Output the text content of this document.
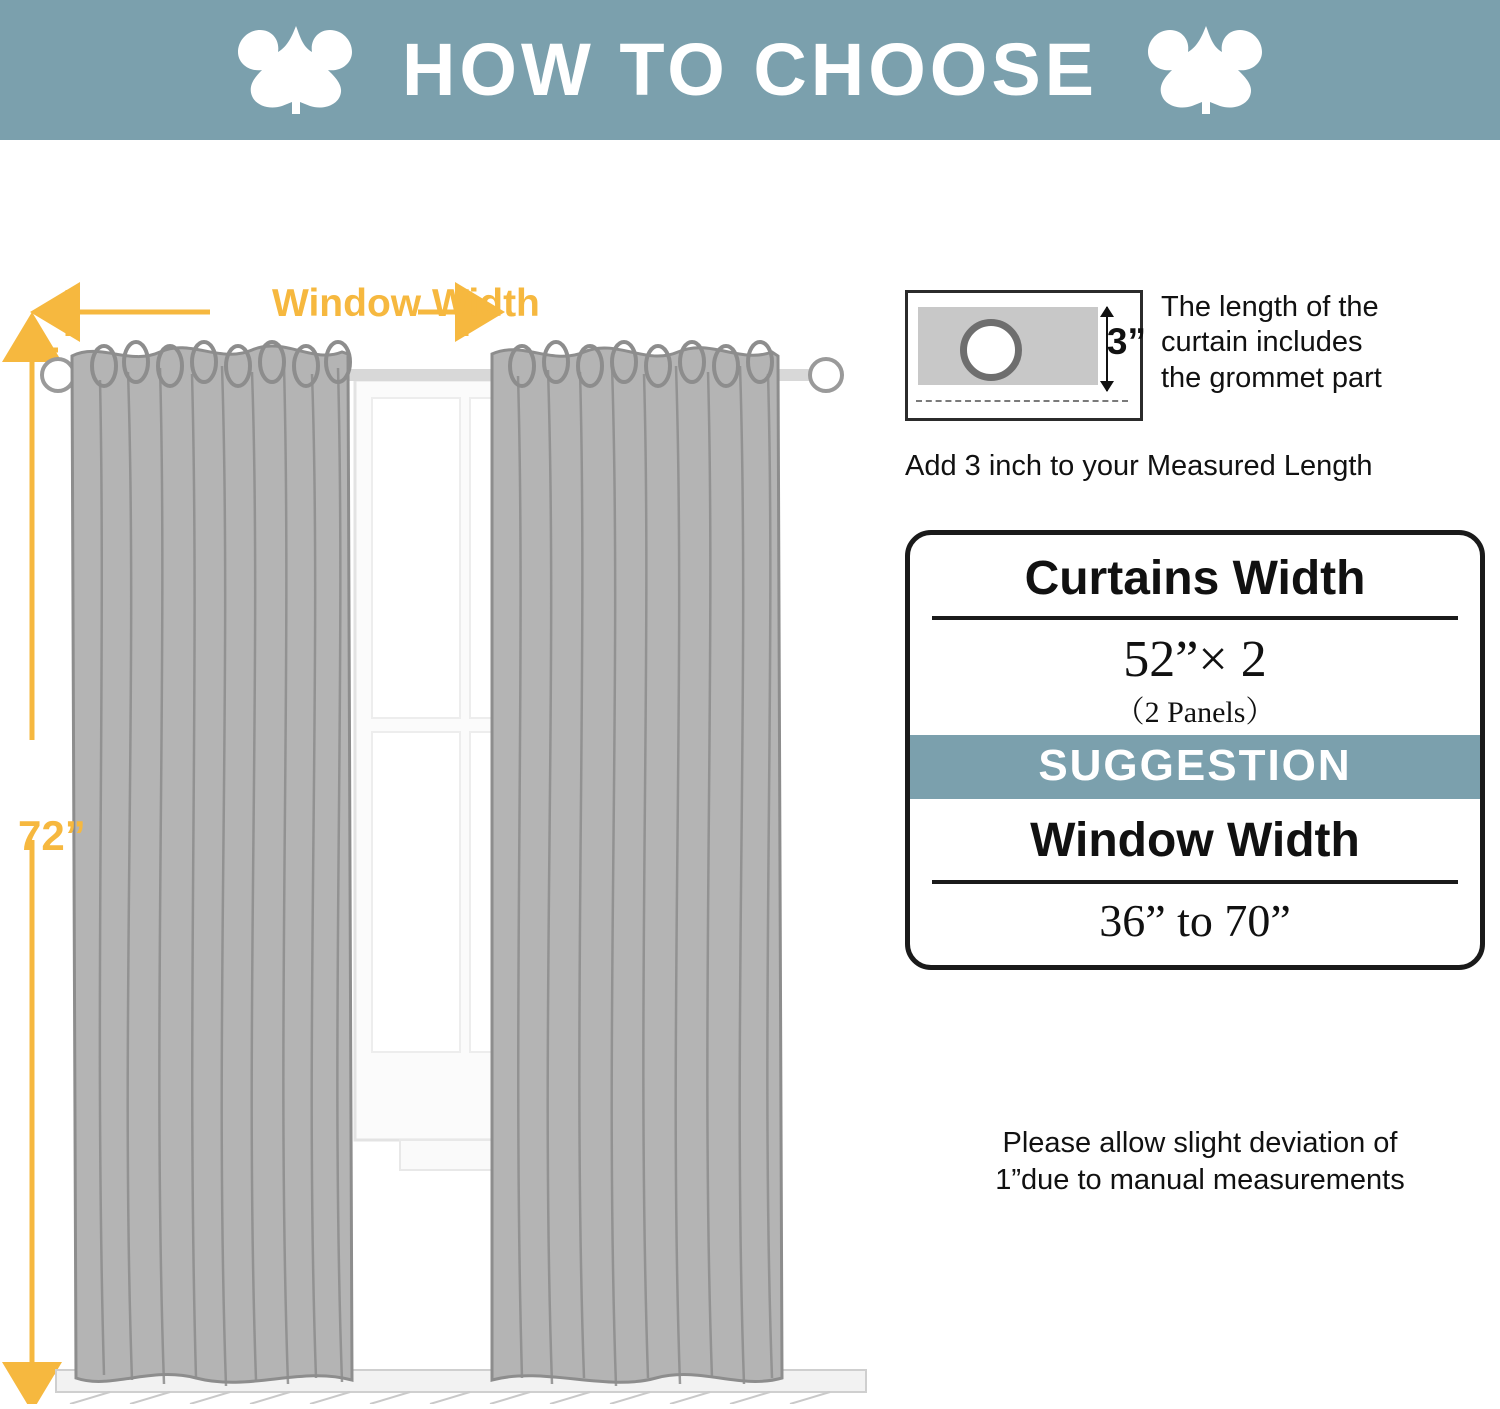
HOW TO CHOOSE
Window Width
72”
3”
The length of the
curtain includes
the grommet part
Add 3 inch to your Measured Length
Curtains Width
52”× 2
（2 Panels）
SUGGESTION
Window Width
36” to 70”
Please allow slight deviation of
1”due to manual measurements
